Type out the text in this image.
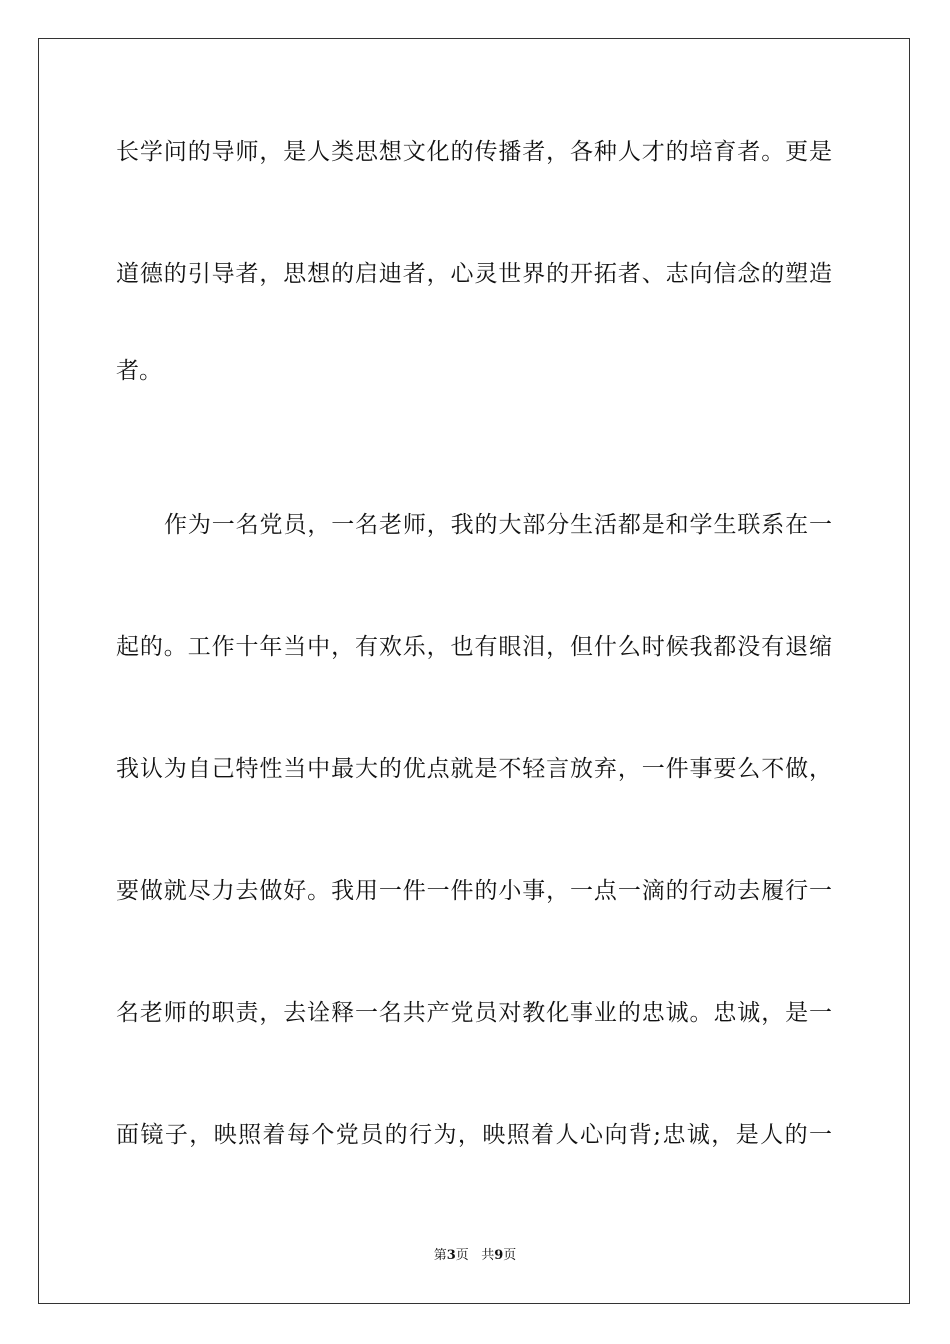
长学问的导师，是人类思想文化的传播者，各种人才的培育者。更是
道德的引导者，思想的启迪者，心灵世界的开拓者、志向信念的塑造
者。
作为一名党员，一名老师，我的大部分生活都是和学生联系在一
起的。工作十年当中，有欢乐，也有眼泪，但什么时候我都没有退缩
我认为自己特性当中最大的优点就是不轻言放弃，一件事要么不做，
要做就尽力去做好。我用一件一件的小事，一点一滴的行动去履行一
名老师的职责，去诠释一名共产党员对教化事业的忠诚。忠诚，是一
面镜子，映照着每个党员的行为，映照着人心向背;忠诚，是人的一
第3页 共9页
